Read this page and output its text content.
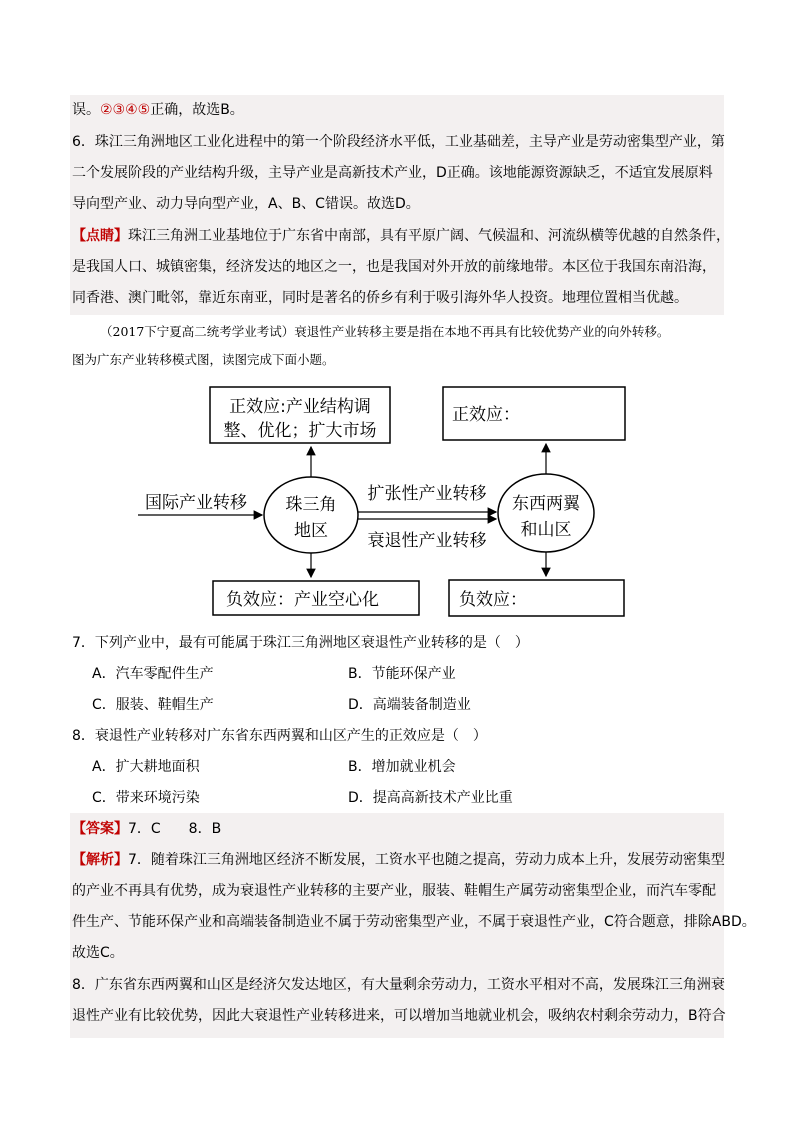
误。②③④⑤正确，故选B。
6．珠江三角洲地区工业化进程中的第一个阶段经济水平低，工业基础差，主导产业是劳动密集型产业，第
二个发展阶段的产业结构升级，主导产业是高新技术产业，D正确。该地能源资源缺乏，不适宜发展原料
导向型产业、动力导向型产业，A、B、C错误。故选D。
【点睛】珠江三角洲工业基地位于广东省中南部，具有平原广阔、气候温和、河流纵横等优越的自然条件，
是我国人口、城镇密集，经济发达的地区之一，也是我国对外开放的前缘地带。本区位于我国东南沿海，
同香港、澳门毗邻，靠近东南亚，同时是著名的侨乡有利于吸引海外华人投资。地理位置相当优越。
（2017下宁夏高二统考学业考试）衰退性产业转移主要是指在本地不再具有比较优势产业的向外转移。
图为广东产业转移模式图，读图完成下面小题。
正效应:产业结构调
整、优化；扩大市场
正效应：
国际产业转移 珠三角
地区
扩张性产业转移
衰退性产业转移
东西两翼
和山区
负效应：产业空心化	负效应：
7．下列产业中，最有可能属于珠江三角洲地区衰退性产业转移的是（　）
A．汽车零配件生产	B．节能环保产业
C．服装、鞋帽生产	D．高端装备制造业
8．衰退性产业转移对广东省东西两翼和山区产生的正效应是（　）
A．扩大耕地面积	B．增加就业机会
C．带来环境污染	D．提高高新技术产业比重
【答案】7．C　　8．B
【解析】7．随着珠江三角洲地区经济不断发展，工资水平也随之提高，劳动力成本上升，发展劳动密集型
的产业不再具有优势，成为衰退性产业转移的主要产业，服装、鞋帽生产属劳动密集型企业，而汽车零配
件生产、节能环保产业和高端装备制造业不属于劳动密集型产业，不属于衰退性产业，C符合题意，排除ABD。
故选C。
8．广东省东西两翼和山区是经济欠发达地区，有大量剩余劳动力，工资水平相对不高，发展珠江三角洲衰
退性产业有比较优势，因此大衰退性产业转移进来，可以增加当地就业机会，吸纳农村剩余劳动力，B符合
